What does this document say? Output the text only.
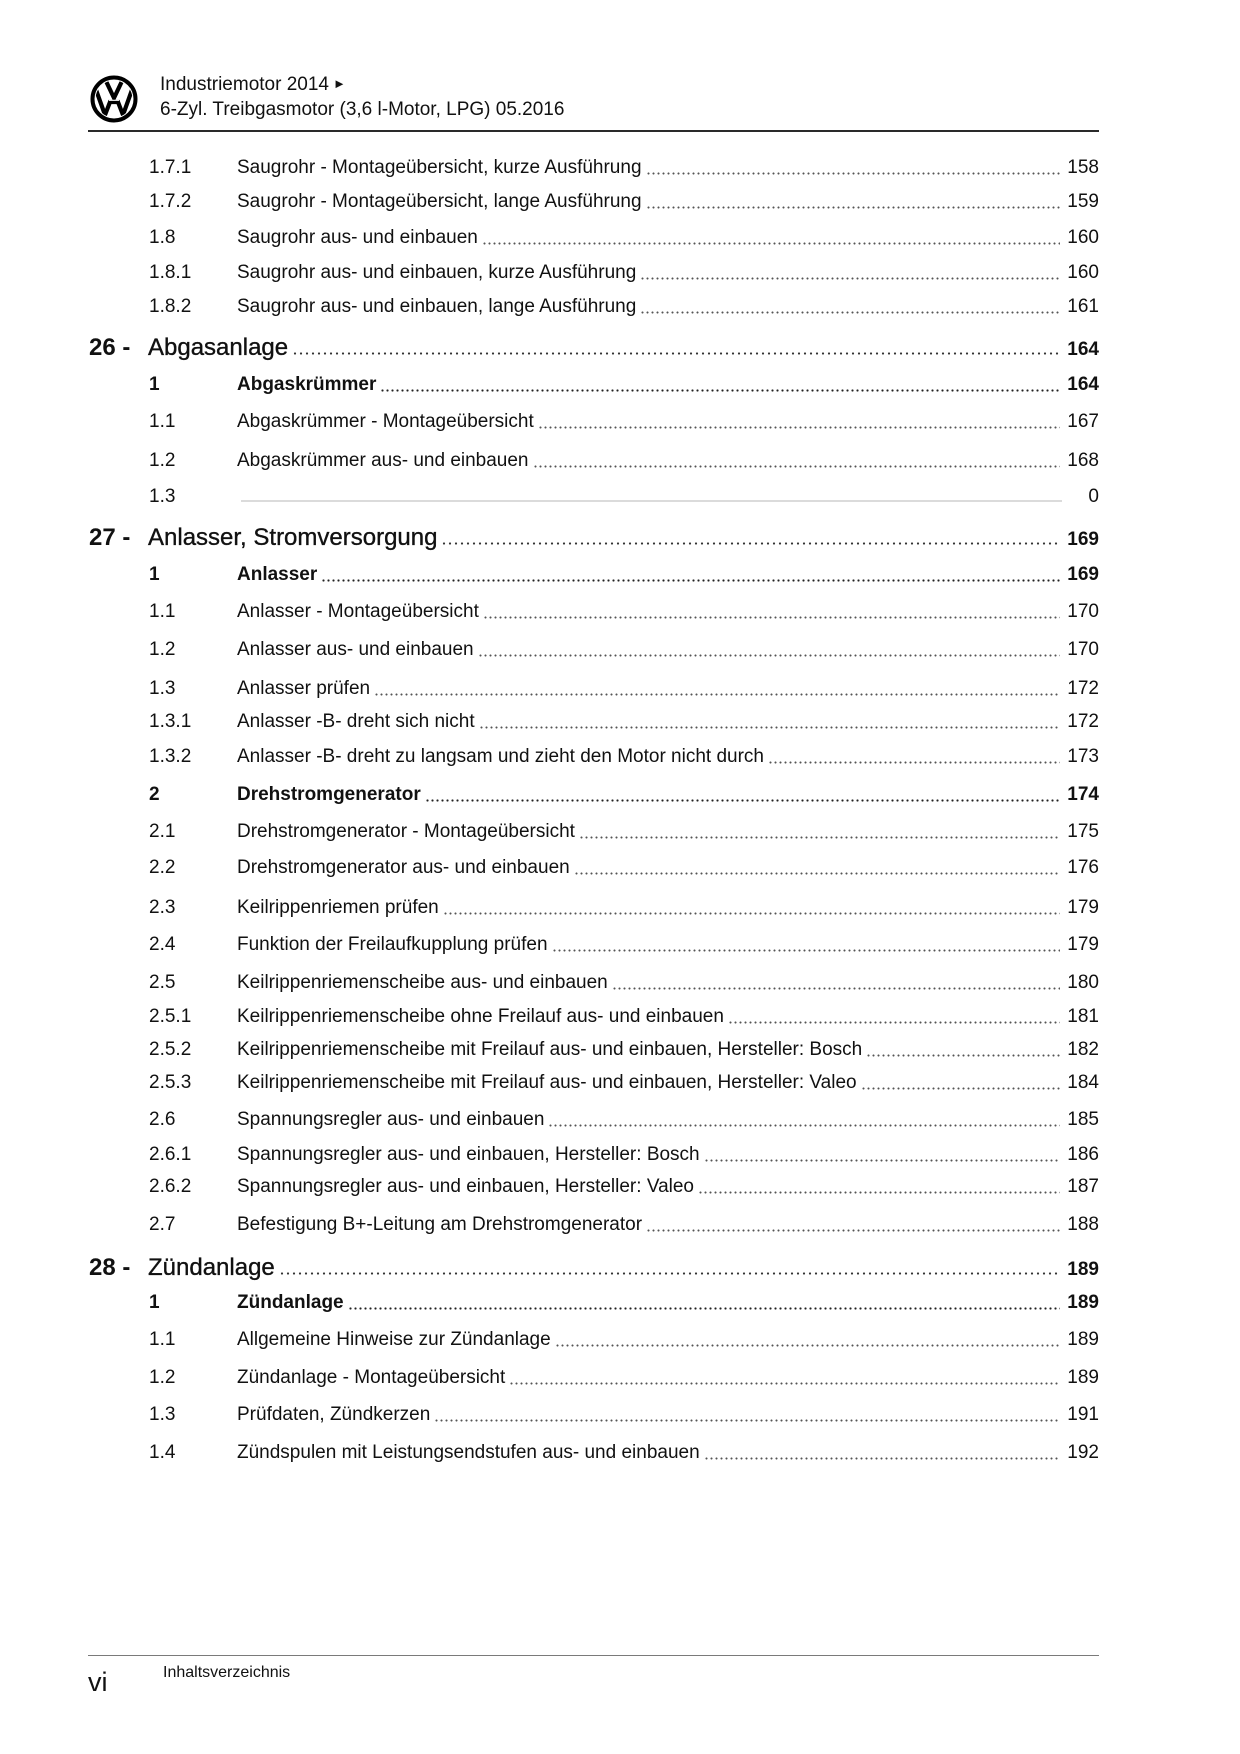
Industriemotor 2014 ►
6-Zyl. Treibgasmotor (3,6 l-Motor, LPG) 05.2016
1.7.1	Saugrohr - Montageübersicht, kurze Ausführung	158
1.7.2	Saugrohr - Montageübersicht, lange Ausführung	159
1.8	Saugrohr aus- und einbauen	160
1.8.1	Saugrohr aus- und einbauen, kurze Ausführung	160
1.8.2	Saugrohr aus- und einbauen, lange Ausführung	161
26 - Abgasanlage	164
1	Abgaskrümmer	164
1.1	Abgaskrümmer - Montageübersicht	167
1.2	Abgaskrümmer aus- und einbauen	168
1.3	0
27 - Anlasser, Stromversorgung	169
1	Anlasser	169
1.1	Anlasser - Montageübersicht	170
1.2	Anlasser aus- und einbauen	170
1.3	Anlasser prüfen	172
1.3.1	Anlasser -B- dreht sich nicht	172
1.3.2	Anlasser -B- dreht zu langsam und zieht den Motor nicht durch	173
2	Drehstromgenerator	174
2.1	Drehstromgenerator - Montageübersicht	175
2.2	Drehstromgenerator aus- und einbauen	176
2.3	Keilrippenriemen prüfen	179
2.4	Funktion der Freilaufkupplung prüfen	179
2.5	Keilrippenriemenscheibe aus- und einbauen	180
2.5.1	Keilrippenriemenscheibe ohne Freilauf aus- und einbauen	181
2.5.2	Keilrippenriemenscheibe mit Freilauf aus- und einbauen, Hersteller: Bosch	182
2.5.3	Keilrippenriemenscheibe mit Freilauf aus- und einbauen, Hersteller: Valeo	184
2.6	Spannungsregler aus- und einbauen	185
2.6.1	Spannungsregler aus- und einbauen, Hersteller: Bosch	186
2.6.2	Spannungsregler aus- und einbauen, Hersteller: Valeo	187
2.7	Befestigung B+-Leitung am Drehstromgenerator	188
28 - Zündanlage	189
1	Zündanlage	189
1.1	Allgemeine Hinweise zur Zündanlage	189
1.2	Zündanlage - Montageübersicht	189
1.3	Prüfdaten, Zündkerzen	191
1.4	Zündspulen mit Leistungsendstufen aus- und einbauen	192
vi	Inhaltsverzeichnis
